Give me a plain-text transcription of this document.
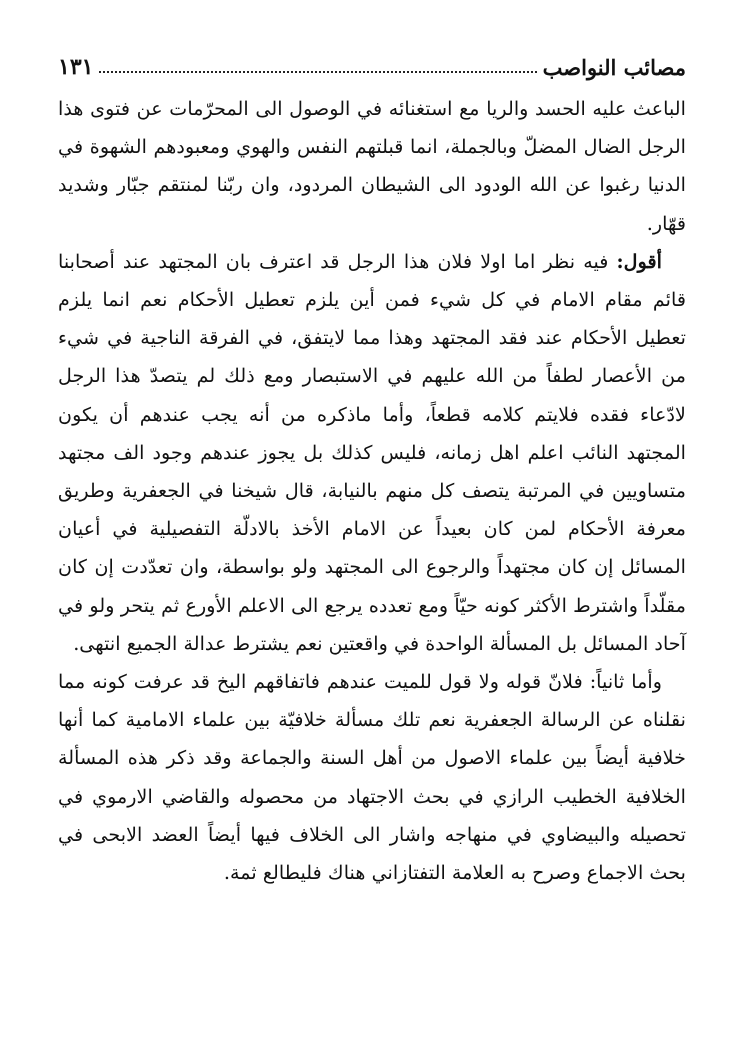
مصائب النواصب
١٣١

الباعث عليه الحسد والريا مع استغنائه في الوصول الى المحرّمات عن فتوى هذا الرجل الضال المضلّ وبالجملة، انما قبلتهم النفس والهوي ومعبودهم الشهوة في الدنيا رغبوا عن الله الودود الى الشيطان المردود، وان ربّنا لمنتقم جبّار وشديد قهّار.

أقول: فيه نظر اما اولا فلان هذا الرجل قد اعترف بان المجتهد عند أصحابنا قائم مقام الامام في كل شيء فمن أين يلزم تعطيل الأحكام نعم انما يلزم تعطيل الأحكام عند فقد المجتهد وهذا مما لايتفق، في الفرقة الناجية في شيء من الأعصار لطفاً من الله عليهم في الاستبصار ومع ذلك لم يتصدّ هذا الرجل لادّعاء فقده فلايتم كلامه قطعاً، وأما ماذكره من أنه يجب عندهم أن يكون المجتهد النائب اعلم اهل زمانه، فليس كذلك بل يجوز عندهم وجود الف مجتهد متساويين في المرتبة يتصف كل منهم بالنيابة، قال شيخنا في الجعفرية وطريق معرفة الأحكام لمن كان بعيداً عن الامام الأخذ بالادلّة التفصيلية في أعيان المسائل إن كان مجتهداً والرجوع الى المجتهد ولو بواسطة، وان تعدّدت إن كان مقلّداً واشترط الأكثر كونه حيّاً ومع تعدده يرجع الى الاعلم الأورع ثم يتحر ولو في آحاد المسائل بل المسألة الواحدة في واقعتين نعم يشترط عدالة الجميع انتهى.

وأما ثانياً: فلانّ قوله ولا قول للميت عندهم فاتفاقهم الیخ قد عرفت كونه مما نقلناه عن الرسالة الجعفرية نعم تلك مسألة خلافيّة بين علماء الامامية كما أنها خلافية أيضاً بين علماء الاصول من أهل السنة والجماعة وقد ذكر هذه المسألة الخلافية الخطيب الرازي في بحث الاجتهاد من محصوله والقاضي الارموي في تحصيله والبيضاوي في منهاجه واشار الى الخلاف فيها أيضاً العضد الابحی في بحث الاجماع وصرح به العلامة التفتازاني هناك فليطالع ثمة.
